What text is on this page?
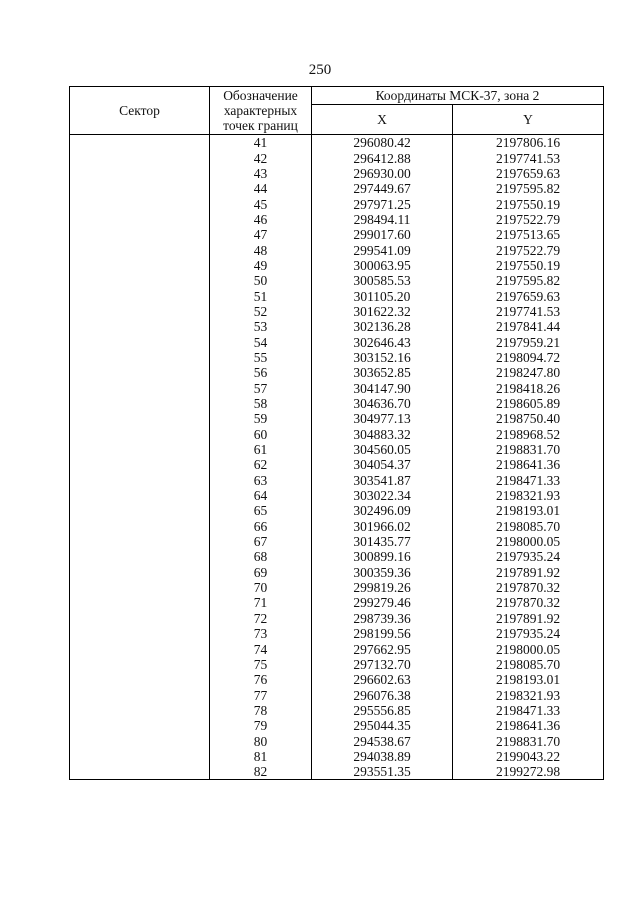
250
Сектор	Обозначение характерных точек границ	Координаты МСК-37, зона 2	
		X	Y
	41	296080.42	2197806.16
	42	296412.88	2197741.53
	43	296930.00	2197659.63
	44	297449.67	2197595.82
	45	297971.25	2197550.19
	46	298494.11	2197522.79
	47	299017.60	2197513.65
	48	299541.09	2197522.79
	49	300063.95	2197550.19
	50	300585.53	2197595.82
	51	301105.20	2197659.63
	52	301622.32	2197741.53
	53	302136.28	2197841.44
	54	302646.43	2197959.21
	55	303152.16	2198094.72
	56	303652.85	2198247.80
	57	304147.90	2198418.26
	58	304636.70	2198605.89
	59	304977.13	2198750.40
	60	304883.32	2198968.52
	61	304560.05	2198831.70
	62	304054.37	2198641.36
	63	303541.87	2198471.33
	64	303022.34	2198321.93
	65	302496.09	2198193.01
	66	301966.02	2198085.70
	67	301435.77	2198000.05
	68	300899.16	2197935.24
	69	300359.36	2197891.92
	70	299819.26	2197870.32
	71	299279.46	2197870.32
	72	298739.36	2197891.92
	73	298199.56	2197935.24
	74	297662.95	2198000.05
	75	297132.70	2198085.70
	76	296602.63	2198193.01
	77	296076.38	2198321.93
	78	295556.85	2198471.33
	79	295044.35	2198641.36
	80	294538.67	2198831.70
	81	294038.89	2199043.22
	82	293551.35	2199272.98
